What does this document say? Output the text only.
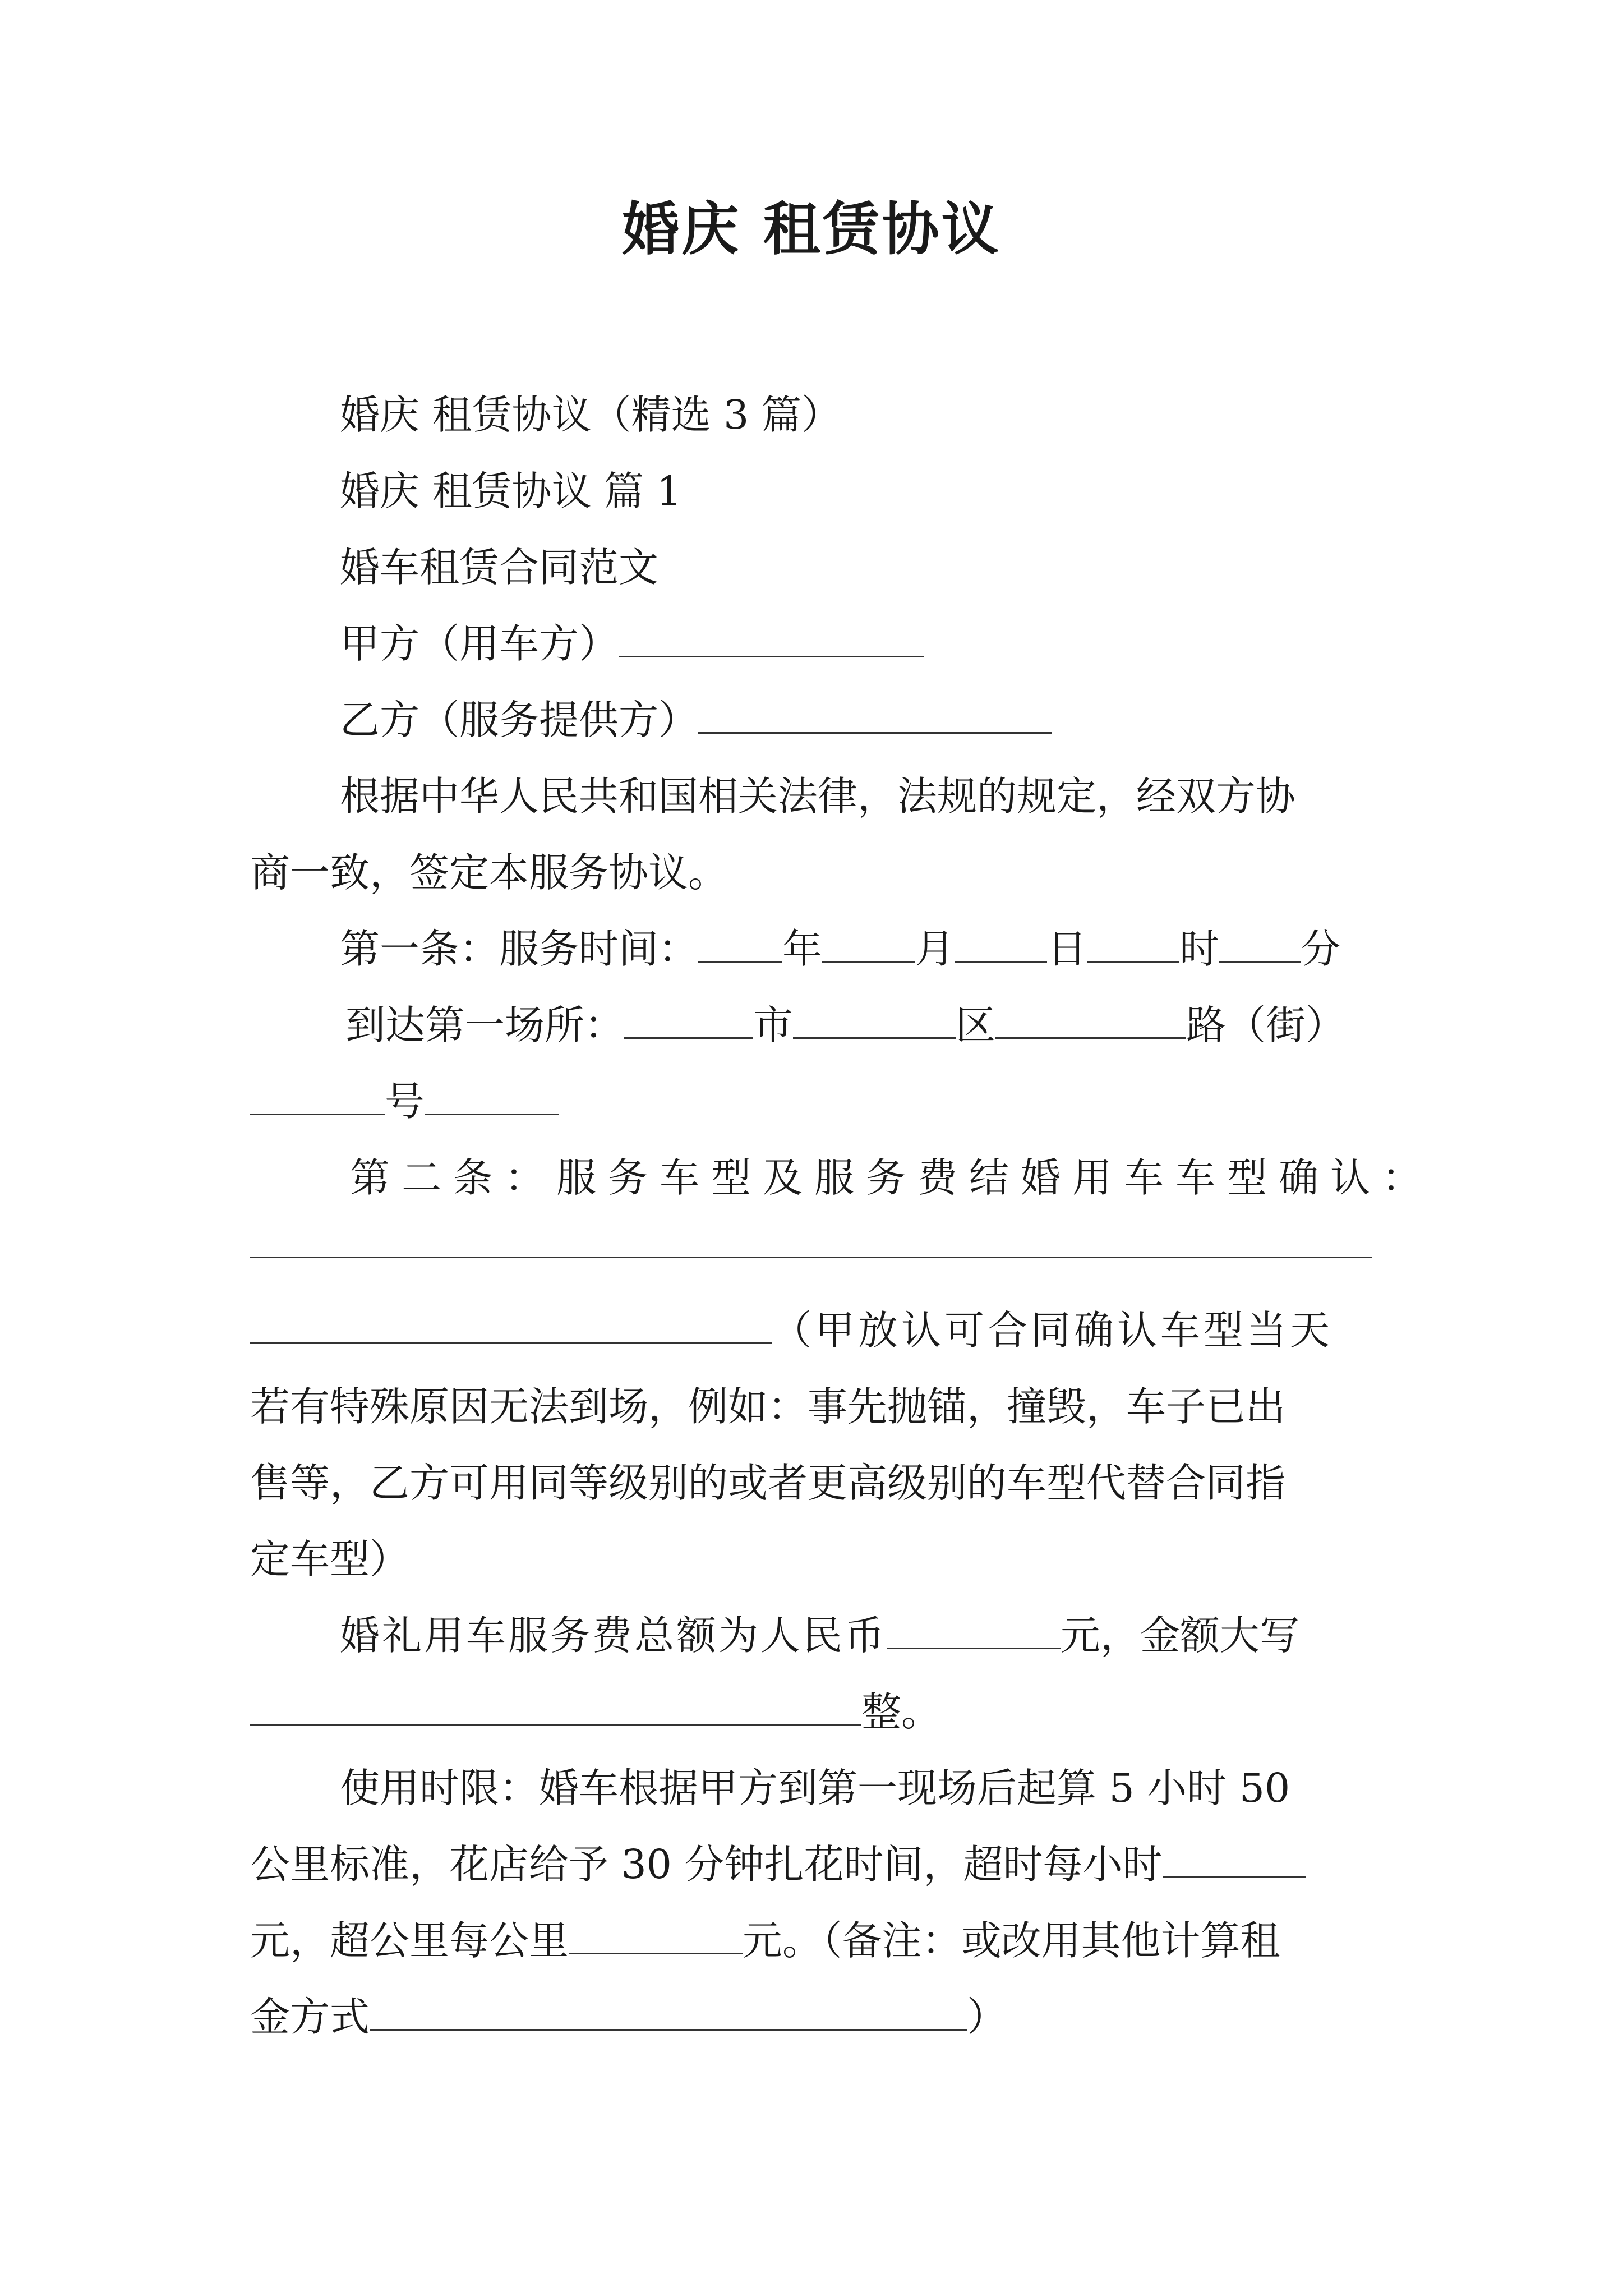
婚庆 租赁协议
婚庆 租赁协议（精选 3 篇）
婚庆 租赁协议 篇 1
婚车租赁合同范文
甲方（用车方）
乙方（服务提供方）
根据中华人民共和国相关法律，法规的规定，经双方协
商一致，签定本服务协议。
第一条：服务时间： 年 月 日 时 分
到达第一场所：	市	区	路（街）
号
第二条：服务车型及服务费结婚用车车型确认：
（甲放认可合同确认车型当天
若有特殊原因无法到场，例如：事先抛锚，撞毁，车子已出
售等，乙方可用同等级别的或者更高级别的车型代替合同指
定车型）
婚礼用车服务费总额为人民币	元，金额大写
整。
使用时限：婚车根据甲方到第一现场后起算 5 小时 50
公里标准，花店给予 30 分钟扎花时间，超时每小时
元，超公里每公里	元。（备注：或改用其他计算租
金方式	）
